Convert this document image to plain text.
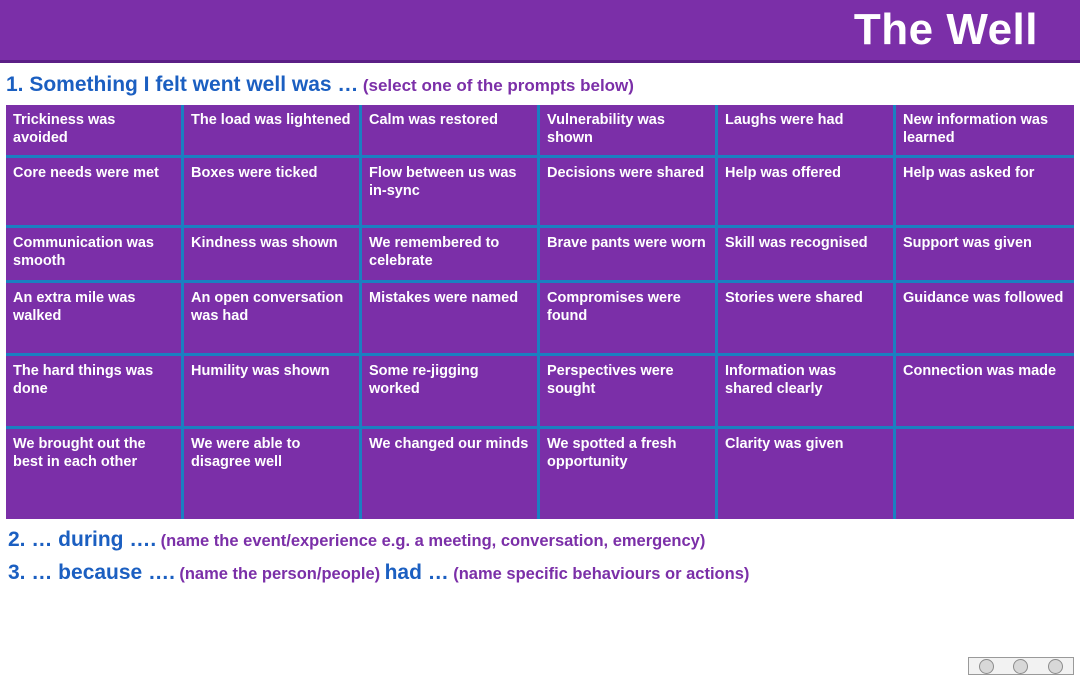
The Well
1. Something I felt went well was … (select one of the prompts below)
Trickiness was avoided	The load was lightened	Calm was restored	Vulnerability was shown	Laughs were had	New information was learned
Core needs were met	Boxes were ticked	Flow between us was in-sync	Decisions were shared	Help was offered	Help was asked for
Communication was smooth	Kindness was shown	We remembered to celebrate	Brave pants were worn	Skill was recognised	Support was given
An extra mile was walked	An open conversation was had	Mistakes were named	Compromises were found	Stories were shared	Guidance was followed
The hard things was done	Humility was shown	Some re-jigging worked	Perspectives were sought	Information was shared clearly	Connection was made
We brought out the best in each other	We were able to disagree well	We changed our minds	We spotted a fresh opportunity	Clarity was given	
2. … during …. (name the event/experience e.g. a meeting, conversation, emergency)
3. … because …. (name the person/people) had … (name specific behaviours or actions)
